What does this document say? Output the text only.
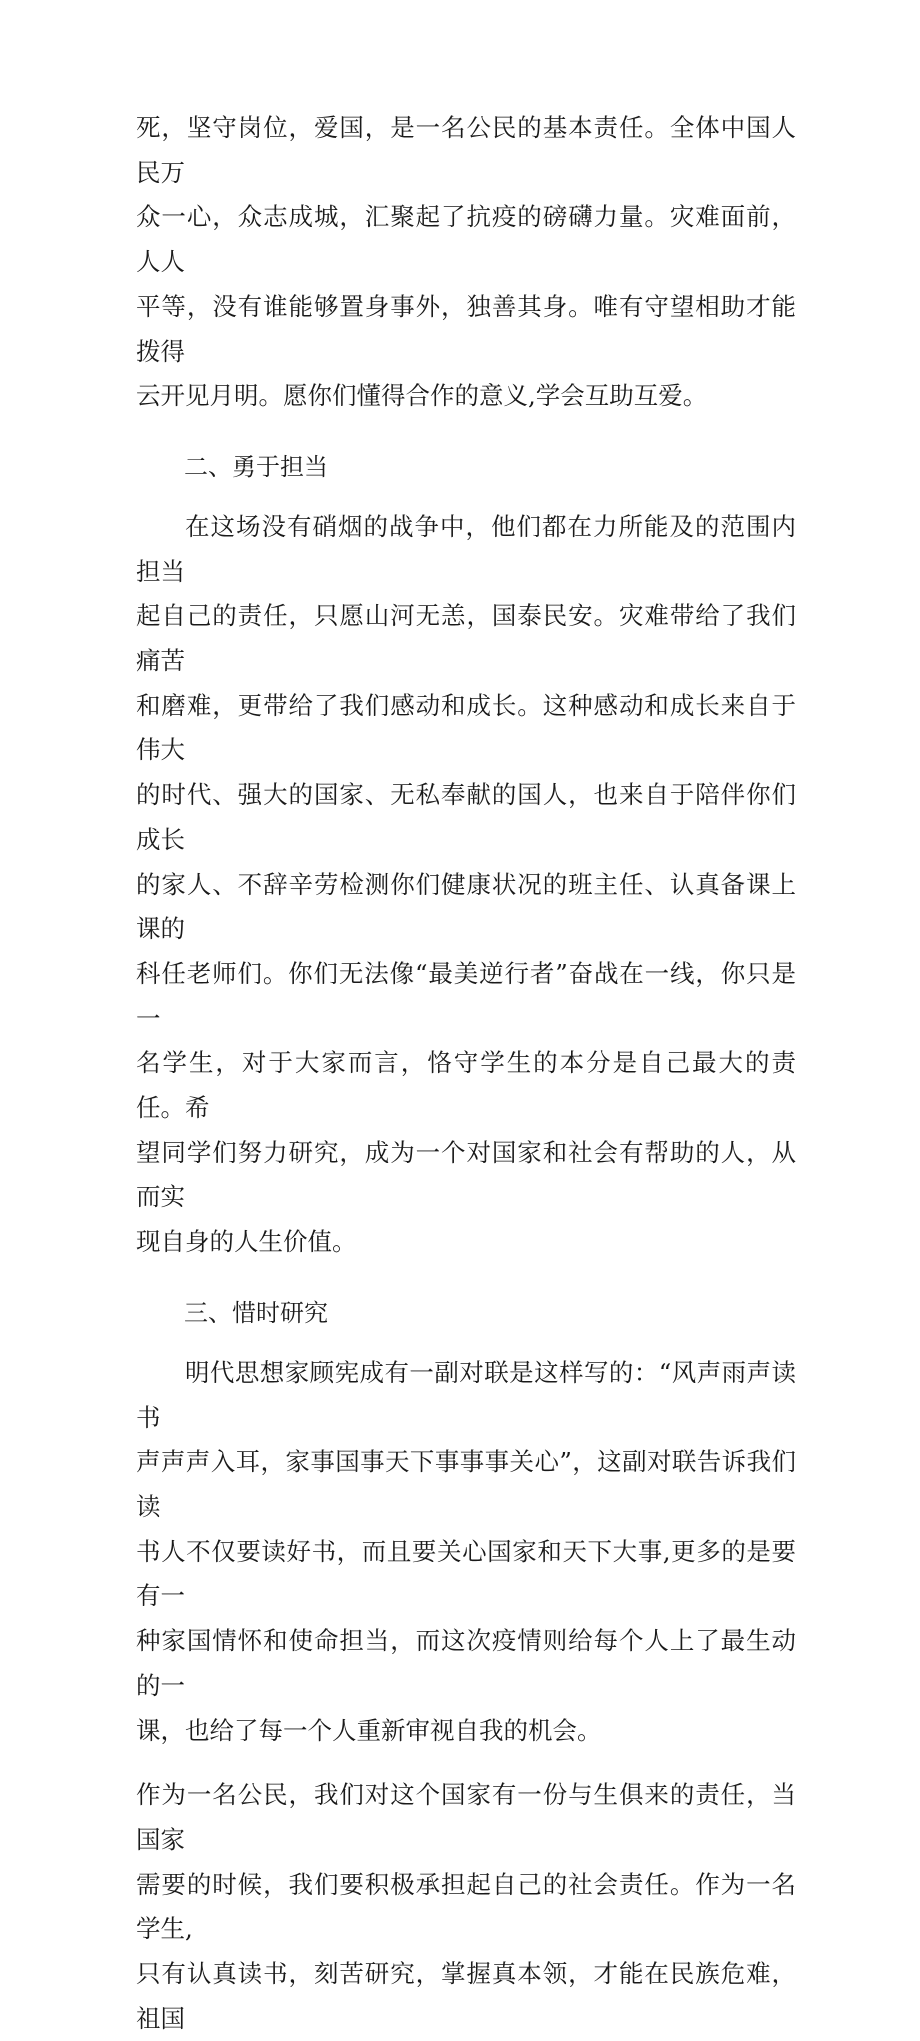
死，坚守岗位，爱国，是一名公民的基本责任。全体中国人民万
众一心，众志成城，汇聚起了抗疫的磅礴力量。灾难面前，人人
平等，没有谁能够置身事外，独善其身。唯有守望相助才能拨得
云开见月明。愿你们懂得合作的意义,学会互助互爱。

二、勇于担当

在这场没有硝烟的战争中，他们都在力所能及的范围内担当
起自己的责任，只愿山河无恙，国泰民安。灾难带给了我们痛苦
和磨难，更带给了我们感动和成长。这种感动和成长来自于伟大
的时代、强大的国家、无私奉献的国人，也来自于陪伴你们成长
的家人、不辞辛劳检测你们健康状况的班主任、认真备课上课的
科任老师们。你们无法像“最美逆行者”奋战在一线，你只是一
名学生，对于大家而言，恪守学生的本分是自己最大的责任。希
望同学们努力研究，成为一个对国家和社会有帮助的人，从而实
现自身的人生价值。

三、惜时研究

明代思想家顾宪成有一副对联是这样写的：“风声雨声读书
声声声入耳，家事国事天下事事事关心”，这副对联告诉我们读
书人不仅要读好书，而且要关心国家和天下大事,更多的是要有一
种家国情怀和使命担当，而这次疫情则给每个人上了最生动的一
课，也给了每一个人重新审视自我的机会。

作为一名公民，我们对这个国家有一份与生俱来的责任，当国家
需要的时候，我们要积极承担起自己的社会责任。作为一名学生,
只有认真读书，刻苦研究，掌握真本领，才能在民族危难，祖国
